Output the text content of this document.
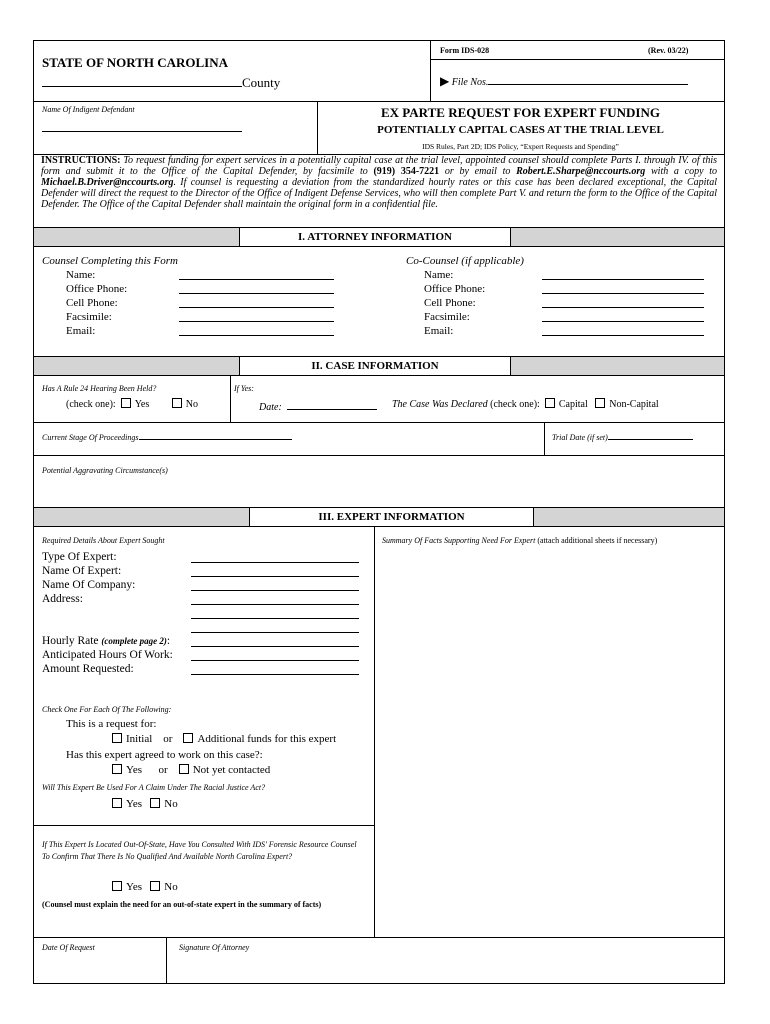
STATE OF NORTH CAROLINA
County
Form IDS-028	(Rev. 03/22)
▶ File Nos.
Name Of Indigent Defendant	EX PARTE REQUEST FOR EXPERT FUNDING
POTENTIALLY CAPITAL CASES AT THE TRIAL LEVEL
IDS Rules, Part 2D; IDS Policy, “Expert Requests and Spending”
INSTRUCTIONS: To request funding for expert services in a potentially capital case at the trial level, appointed counsel should complete Parts I. through IV. of this form and submit it to the Office of the Capital Defender, by facsimile to (919) 354-7221 or by email to Robert.E.Sharpe@nccourts.org with a copy to Michael.B.Driver@nccourts.org. If counsel is requesting a deviation from the standardized hourly rates or this case has been declared exceptional, the Capital Defender will direct the request to the Director of the Office of Indigent Defense Services, who will then complete Part V. and return the form to the Office of the Capital Defender. The Office of the Capital Defender shall maintain the original form in a confidential file.
I. ATTORNEY INFORMATION
Counsel Completing this Form	Co-Counsel (if applicable)
Name:
Office Phone:
Cell Phone:
Facsimile:
Email:
Name:
Office Phone:
Cell Phone:
Facsimile:
Email:
II. CASE INFORMATION
Has A Rule 24 Hearing Been Held?
(check one): Yes	No
If Yes:
Date:	The Case Was Declared (check one): Capital Non-Capital
Current Stage Of Proceedings	Trial Date (if set)
Potential Aggravating Circumstance(s)
III. EXPERT INFORMATION
Required Details About Expert Sought	Summary Of Facts Supporting Need For Expert (attach additional sheets if necessary)
Type Of Expert:
Name Of Expert:
Name Of Company:
Address:
Hourly Rate (complete page 2):
Anticipated Hours Of Work:
Amount Requested:
Check One For Each Of The Following:
This is a request for:
Initial or Additional funds for this expert
Has this expert agreed to work on this case?:
Yes or Not yet contacted
Will This Expert Be Used For A Claim Under The Racial Justice Act?
Yes No
If This Expert Is Located Out-Of-State, Have You Consulted With IDS' Forensic Resource Counsel To Confirm That There Is No Qualified And Available North Carolina Expert?
Yes No
(Counsel must explain the need for an out-of-state expert in the summary of facts)
Date Of Request	Signature Of Attorney
